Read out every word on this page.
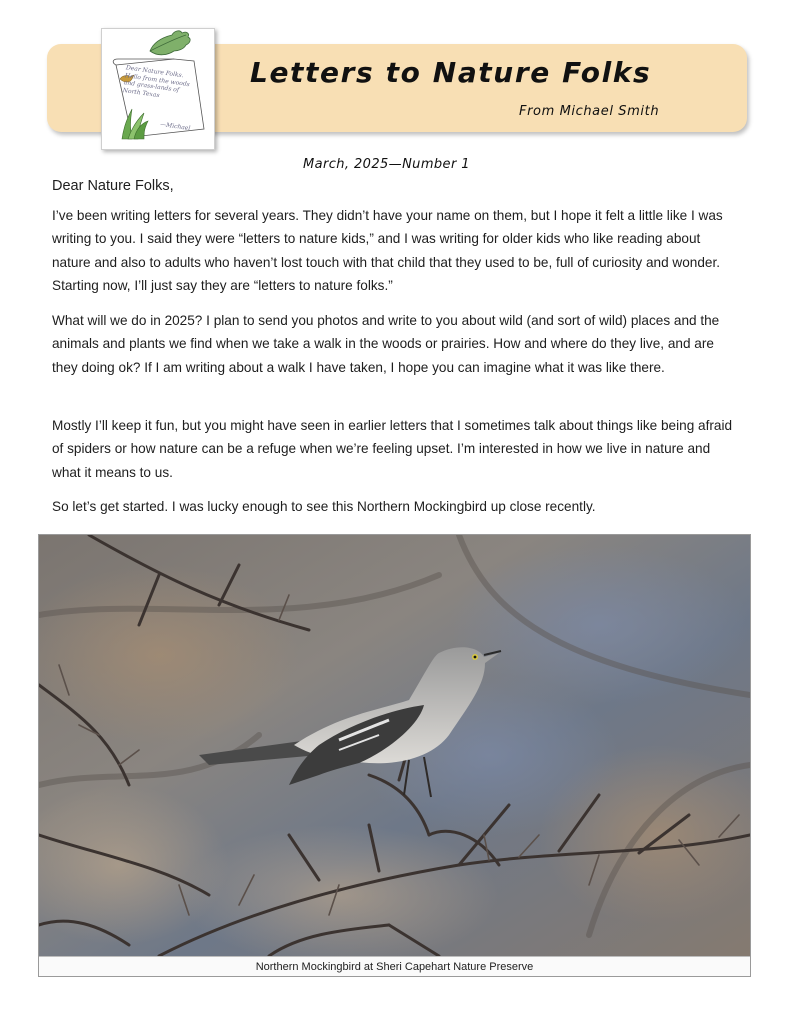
Dear Nature Folks. Hello from the woods and grass-lands of North Texas
—Michael
Letters to Nature Folks
From Michael Smith
March, 2025—Number 1
Dear Nature Folks,

I’ve been writing letters for several years. They didn’t have your name on them, but I hope it felt a little like I was writing to you. I said they were “letters to nature kids,” and I was writing for older kids who like reading about nature and also to adults who haven’t lost touch with that child that they used to be, full of curiosity and wonder. Starting now, I’ll just say they are “letters to nature folks.”

What will we do in 2025? I plan to send you photos and write to you about wild (and sort of wild) places and the animals and plants we find when we take a walk in the woods or prairies. How and where do they live, and are they doing ok? If I am writing about a walk I have taken, I hope you can imagine what it was like there.

Mostly I’ll keep it fun, but you might have seen in earlier letters that I sometimes talk about things like being afraid of spiders or how nature can be a refuge when we’re feeling upset. I’m interested in how we live in nature and what it means to us.

So let’s get started. I was lucky enough to see this Northern Mockingbird up close recently.

Northern Mockingbird at Sheri Capehart Nature Preserve
